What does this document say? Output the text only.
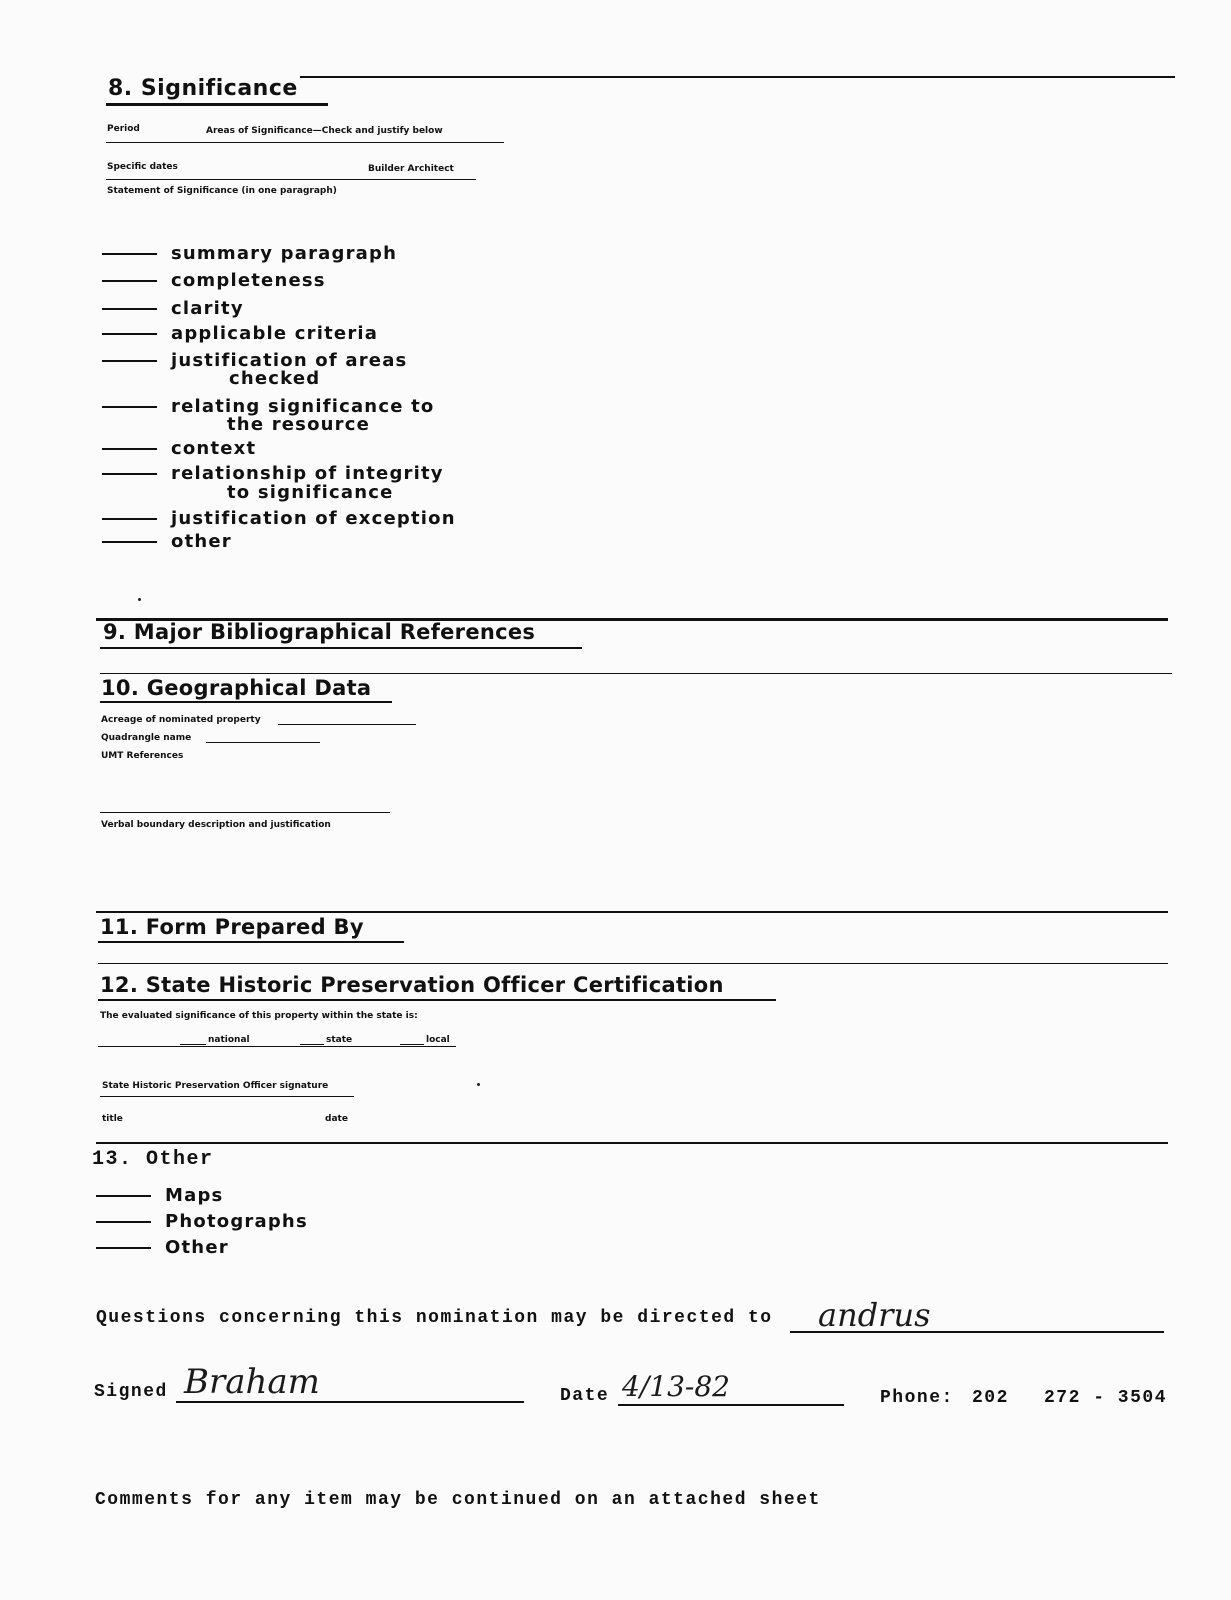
8. Significance
Period	Areas of Significance—Check and justify below
Specific dates	Builder Architect
Statement of Significance (in one paragraph)
summary paragraph
completeness
clarity
applicable criteria
justification of areas
checked
relating significance to
the resource
context
relationship of integrity
to significance
justification of exception
other
9. Major Bibliographical References
10. Geographical Data
Acreage of nominated property
Quadrangle name
UMT References
Verbal boundary description and justification
11. Form Prepared By
12. State Historic Preservation Officer Certification
The evaluated significance of this property within the state is:
national	state	local
State Historic Preservation Officer signature
title	date
13. Other
Maps
Photographs
Other
Questions concerning this nomination may be directed to andrus
Signed Braham	Date 4/13-82	Phone: 202 272 - 3504
Comments for any item may be continued on an attached sheet
